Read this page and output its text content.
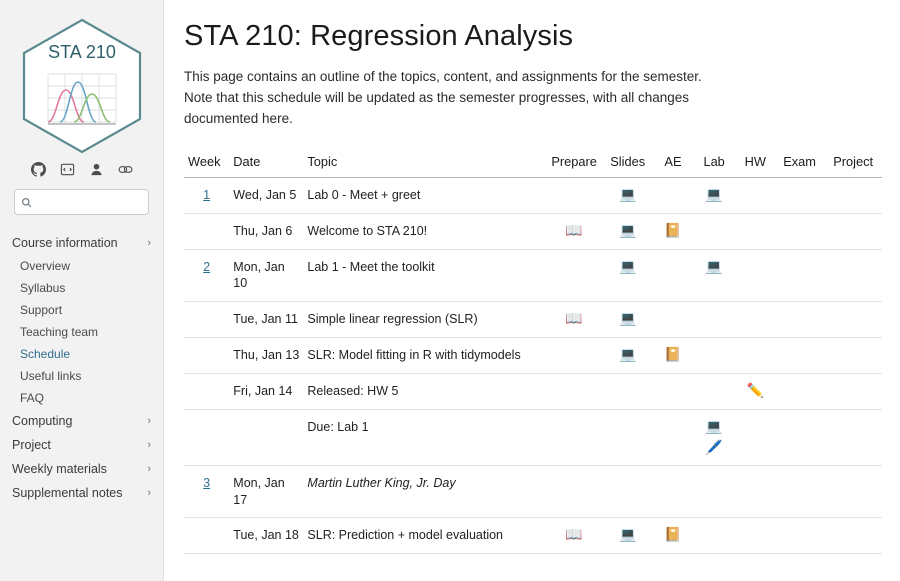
STA 210
Course information	›
Overview
Syllabus
Support
Teaching team
Schedule
Useful links
FAQ
Computing	›
Project	›
Weekly materials	›
Supplemental notes ›
STA 210: Regression Analysis

This page contains an outline of the topics, content, and assignments for the semester. Note that this schedule will be updated as the semester progresses, with all changes documented here.

Week	Date	Topic	Prepare	Slides	AE	Lab	HW	Exam	Project
1	Wed, Jan 5	Lab 0 - Meet + greet		💻		💻			

	Thu, Jan 6	Welcome to STA 210!	📖	💻	📔				

2	Mon, Jan 10	Lab 1 - Meet the toolkit		💻		💻			

	Tue, Jan 11	Simple linear regression (SLR)	📖	💻					

	Thu, Jan 13	SLR: Model fitting in R with tidymodels		💻	📔				

	Fri, Jan 14	Released: HW 5					✏️		

		Due: Lab 1				💻
🖊️			

3	Mon, Jan 17	Martin Luther King, Jr. Day							
	Tue, Jan 18	SLR: Prediction + model evaluation	📖	💻	📔				
